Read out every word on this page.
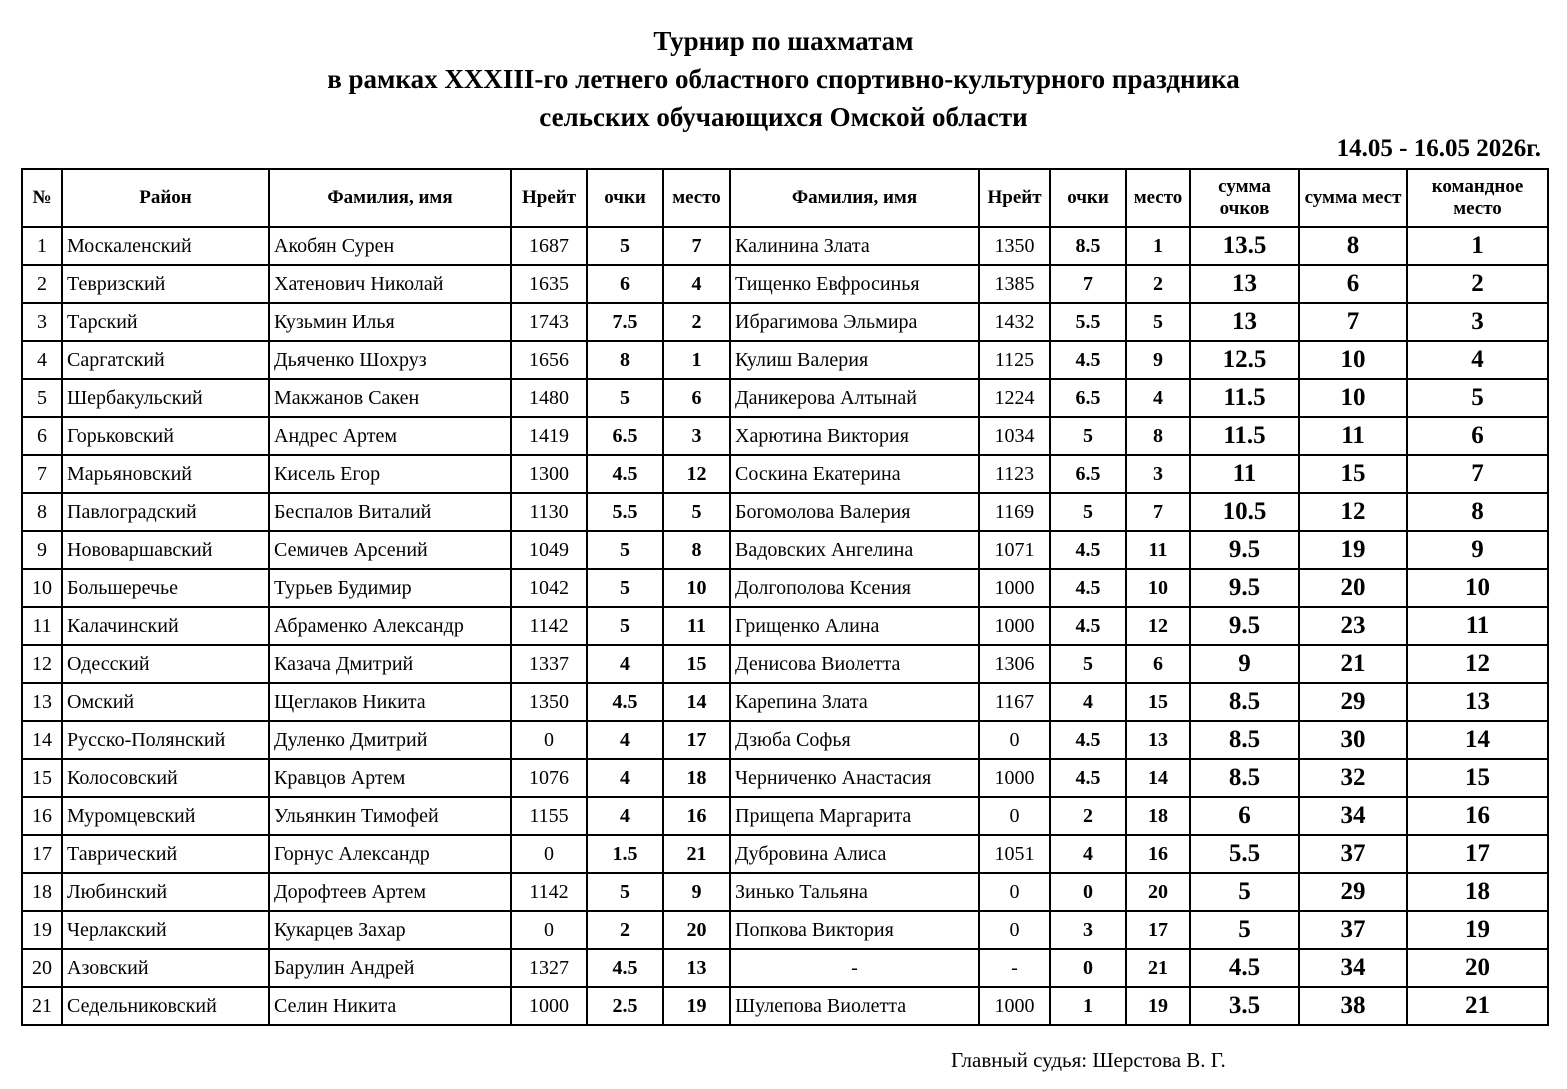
Турнир по шахматам
в рамках XXXIII-го летнего областного спортивно-культурного праздника
сельских обучающихся Омской области
14.05 - 16.05 2026г.
№	Район	Фамилия, имя	Нрейт	очки	место	Фамилия, имя	Нрейт	очки	место	сумма очков	сумма мест	командное место
1	Москаленский	Акобян Сурен	1687	5	7	Калинина Злата	1350	8.5	1	13.5	8	1
2	Тевризский	Хатенович Николай	1635	6	4	Тищенко Евфросинья	1385	7	2	13	6	2
3	Тарский	Кузьмин Илья	1743	7.5	2	Ибрагимова Эльмира	1432	5.5	5	13	7	3
4	Саргатский	Дьяченко Шохруз	1656	8	1	Кулиш Валерия	1125	4.5	9	12.5	10	4
5	Шербакульский	Макжанов Сакен	1480	5	6	Даникерова Алтынай	1224	6.5	4	11.5	10	5
6	Горьковский	Андрес Артем	1419	6.5	3	Харютина Виктория	1034	5	8	11.5	11	6
7	Марьяновский	Кисель Егор	1300	4.5	12	Соскина Екатерина	1123	6.5	3	11	15	7
8	Павлоградский	Беспалов Виталий	1130	5.5	5	Богомолова Валерия	1169	5	7	10.5	12	8
9	Нововаршавский	Семичев Арсений	1049	5	8	Вадовских Ангелина	1071	4.5	11	9.5	19	9
10	Большеречье	Турьев Будимир	1042	5	10	Долгополова Ксения	1000	4.5	10	9.5	20	10
11	Калачинский	Абраменко Александр	1142	5	11	Грищенко Алина	1000	4.5	12	9.5	23	11
12	Одесский	Казача Дмитрий	1337	4	15	Денисова Виолетта	1306	5	6	9	21	12
13	Омский	Щеглаков Никита	1350	4.5	14	Карепина Злата	1167	4	15	8.5	29	13
14	Русско-Полянский	Дуленко Дмитрий	0	4	17	Дзюба Софья	0	4.5	13	8.5	30	14
15	Колосовский	Кравцов Артем	1076	4	18	Черниченко Анастасия	1000	4.5	14	8.5	32	15
16	Муромцевский	Ульянкин Тимофей	1155	4	16	Прищепа Маргарита	0	2	18	6	34	16
17	Таврический	Горнус Александр	0	1.5	21	Дубровина Алиса	1051	4	16	5.5	37	17
18	Любинский	Дорофтеев Артем	1142	5	9	Зинько Тальяна	0	0	20	5	29	18
19	Черлакский	Кукарцев Захар	0	2	20	Попкова Виктория	0	3	17	5	37	19
20	Азовский	Барулин Андрей	1327	4.5	13	-	-	0	21	4.5	34	20
21	Седельниковский	Селин Никита	1000	2.5	19	Шулепова Виолетта	1000	1	19	3.5	38	21
Главный судья: Шерстова В. Г.
